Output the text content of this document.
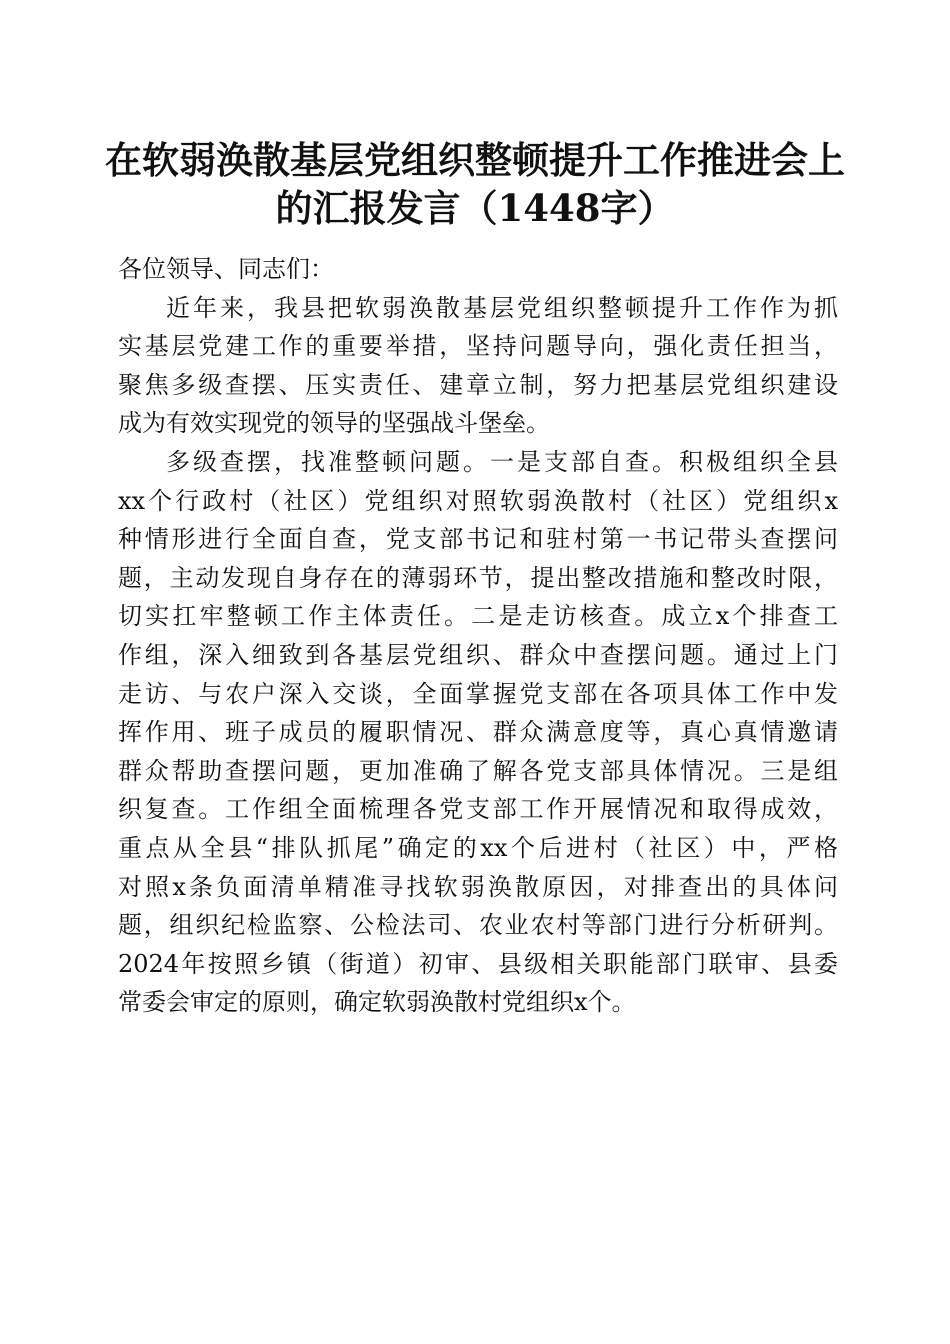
在软弱涣散基层党组织整顿提升工作推进会上
的汇报发言（1448字）
各位领导、同志们：
近年来，我县把软弱涣散基层党组织整顿提升工作作为抓
实基层党建工作的重要举措，坚持问题导向，强化责任担当，
聚焦多级查摆、压实责任、建章立制，努力把基层党组织建设
成为有效实现党的领导的坚强战斗堡垒。
多级查摆，找准整顿问题。一是支部自查。积极组织全县
xx个行政村（社区）党组织对照软弱涣散村（社区）党组织x
种情形进行全面自查，党支部书记和驻村第一书记带头查摆问
题，主动发现自身存在的薄弱环节，提出整改措施和整改时限，
切实扛牢整顿工作主体责任。二是走访核查。成立x个排查工
作组，深入细致到各基层党组织、群众中查摆问题。通过上门
走访、与农户深入交谈，全面掌握党支部在各项具体工作中发
挥作用、班子成员的履职情况、群众满意度等，真心真情邀请
群众帮助查摆问题，更加准确了解各党支部具体情况。三是组
织复查。工作组全面梳理各党支部工作开展情况和取得成效，
重点从全县“排队抓尾”确定的xx个后进村（社区）中，严格
对照x条负面清单精准寻找软弱涣散原因，对排查出的具体问
题，组织纪检监察、公检法司、农业农村等部门进行分析研判。
2024年按照乡镇（街道）初审、县级相关职能部门联审、县委
常委会审定的原则，确定软弱涣散村党组织x个。
